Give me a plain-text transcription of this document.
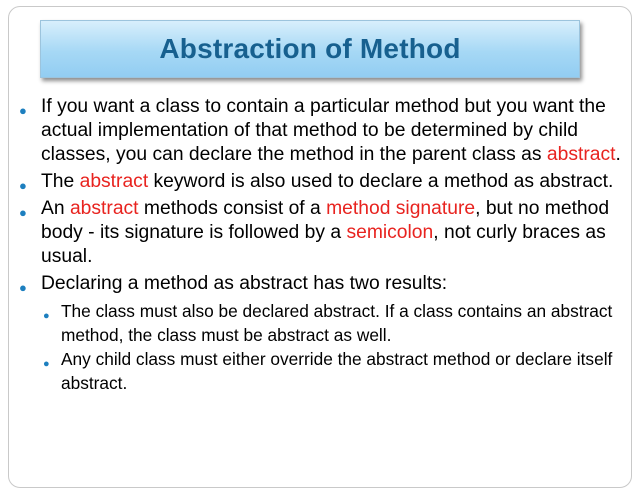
Abstraction of Method
● If you want a class to contain a particular method but you want the actual implementation of that method to be determined by child classes, you can declare the method in the parent class as abstract.
● The abstract keyword is also used to declare a method as abstract.
● An abstract methods consist of a method signature, but no method body - its signature is followed by a semicolon, not curly braces as usual.
● Declaring a method as abstract has two results:
● The class must also be declared abstract. If a class contains an abstract method, the class must be abstract as well.
● Any child class must either override the abstract method or declare itself abstract.
